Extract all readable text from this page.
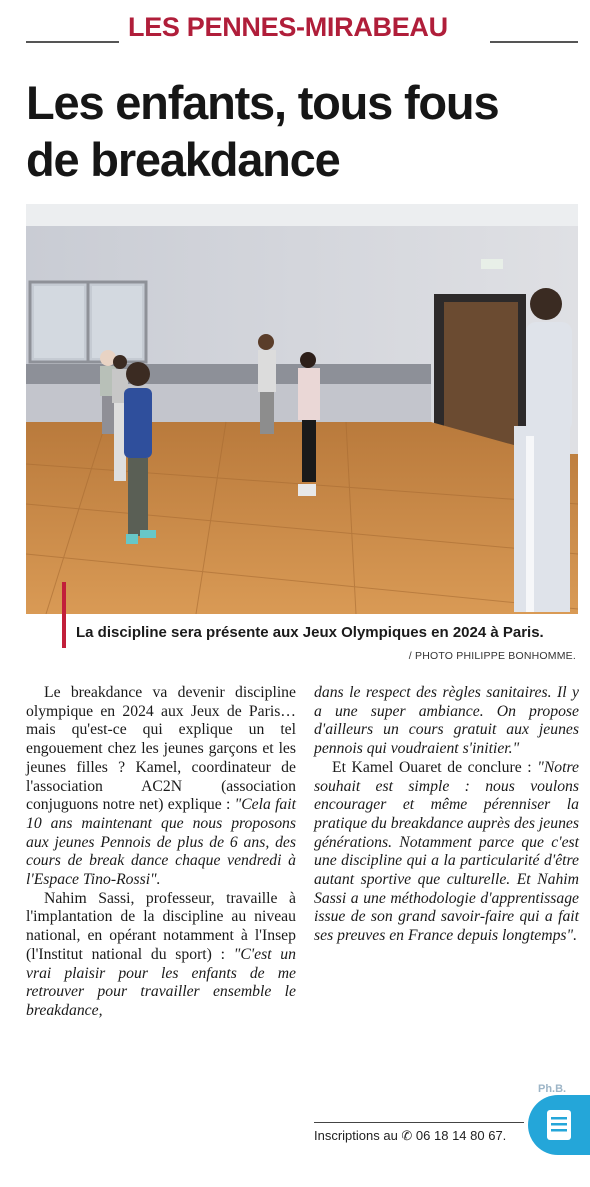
LES PENNES-MIRABEAU
Les enfants, tous fous
de breakdance

La discipline sera présente aux Jeux Olympiques en 2024 à Paris.

/ PHOTO PHILIPPE BONHOMME.

Le breakdance va devenir discipline olympique en 2024 aux Jeux de Paris… mais qu'est-ce qui explique un tel engouement chez les jeunes garçons et les jeunes filles ? Kamel, coordinateur de l'association AC2N (association conjuguons notre net) explique : "Cela fait 10 ans maintenant que nous proposons aux jeunes Pennois de plus de 6 ans, des cours de break dance chaque vendredi à l'Espace Tino-Rossi".

Nahim Sassi, professeur, travaille à l'implantation de la discipline au niveau national, en opérant notamment à l'Insep (l'Institut national du sport) : "C'est un vrai plaisir pour les enfants de me retrouver pour travailler ensemble le breakdance,

dans le respect des règles sanitaires. Il y a une super ambiance. On propose d'ailleurs un cours gratuit aux jeunes pennois qui voudraient s'initier."

Et Kamel Ouaret de conclure : "Notre souhait est simple : nous voulons encourager et même pérenniser la pratique du breakdance auprès des jeunes générations. Notamment parce que c'est une discipline qui a la particularité d'être autant sportive que culturelle. Et Nahim Sassi a une méthodologie d'apprentissage issue de son grand savoir-faire qui a fait ses preuves en France depuis longtemps".

Inscriptions au ✆ 06 18 14 80 67.
Ph.B.
